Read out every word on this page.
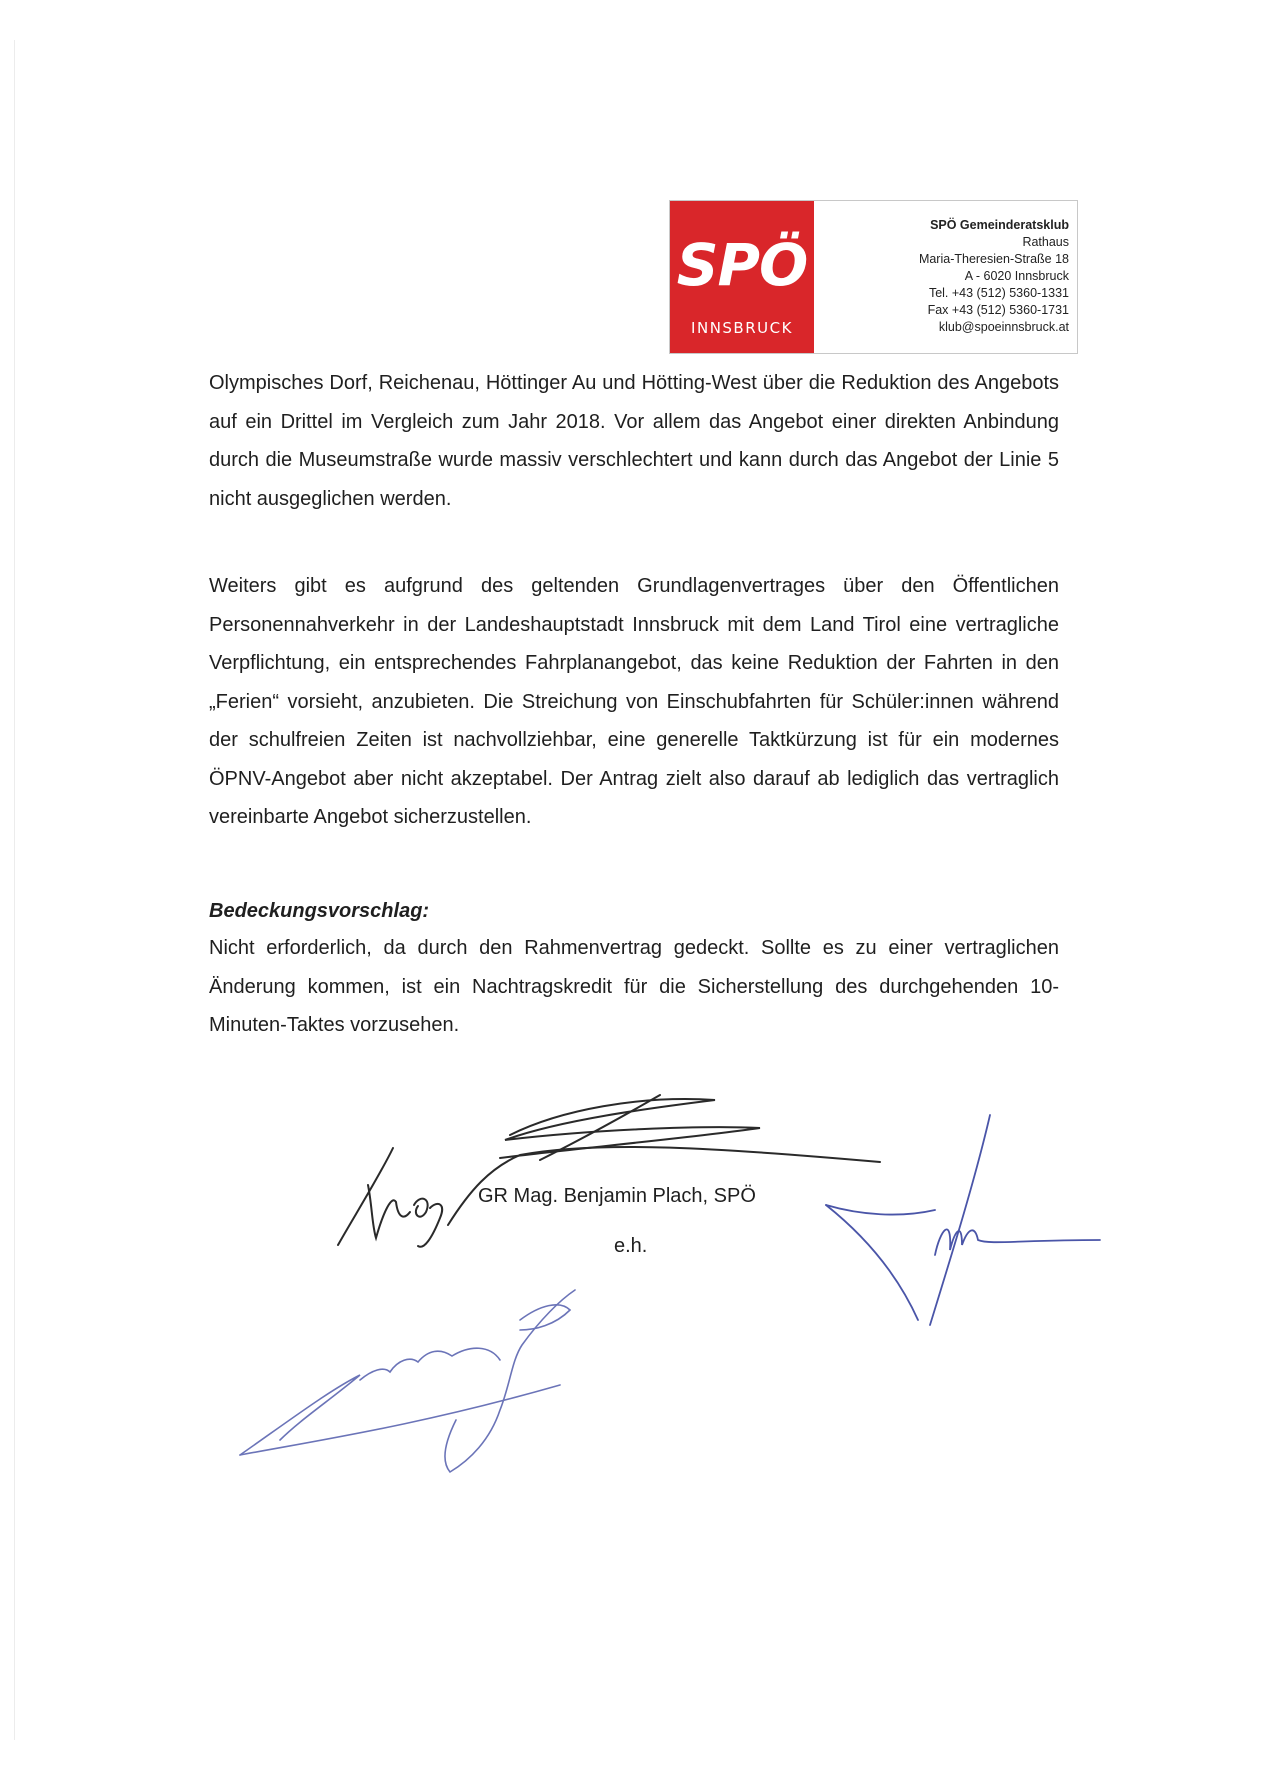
SPÖ
INNSBRUCK
SPÖ Gemeinderatsklub
Rathaus
Maria-Theresien-Straße 18
A - 6020 Innsbruck
Tel. +43 (512) 5360-1331
Fax +43 (512) 5360-1731
klub@spoeinnsbruck.at

Olympisches Dorf, Reichenau, Höttinger Au und Hötting-West über die Reduktion des Angebots auf ein Drittel im Vergleich zum Jahr 2018. Vor allem das Angebot einer direkten Anbindung durch die Museumstraße wurde massiv verschlechtert und kann durch das Angebot der Linie 5 nicht ausgeglichen werden.

Weiters gibt es aufgrund des geltenden Grundlagenvertrages über den Öffentlichen Personennahverkehr in der Landeshauptstadt Innsbruck mit dem Land Tirol eine vertragliche Verpflichtung, ein entsprechendes Fahrplanangebot, das keine Reduktion der Fahrten in den „Ferien“ vorsieht, anzubieten. Die Streichung von Einschubfahrten für Schüler:innen während der schulfreien Zeiten ist nachvollziehbar, eine generelle Taktkürzung ist für ein modernes ÖPNV-Angebot aber nicht akzeptabel. Der Antrag zielt also darauf ab lediglich das vertraglich vereinbarte Angebot sicherzustellen.

Bedeckungsvorschlag:

Nicht erforderlich, da durch den Rahmenvertrag gedeckt. Sollte es zu einer vertraglichen Änderung kommen, ist ein Nachtragskredit für die Sicherstellung des durchgehenden 10-Minuten-Taktes vorzusehen.

GR Mag. Benjamin Plach, SPÖ
e.h.
